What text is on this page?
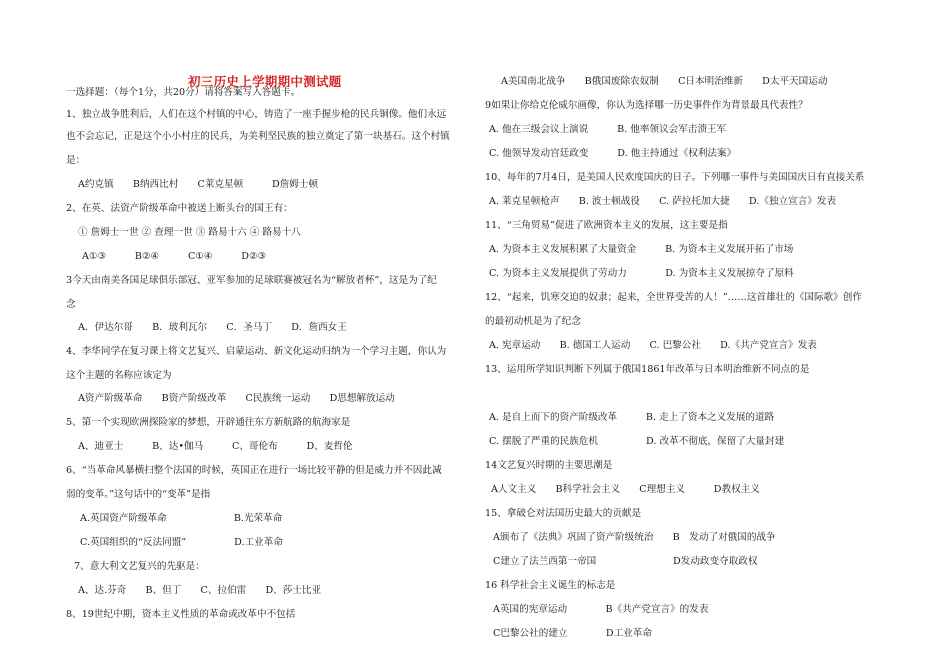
初三历史上学期期中测试题
一选择题：（每个1分，共20分）请将答案写入答题卡。
1、独立战争胜利后，人们在这个村镇的中心，铸造了一座手握步枪的民兵铜像。他们永远
也不会忘记，正是这个小小村庄的民兵，为美利坚民族的独立奠定了第一块基石。这个村镇
是：
A约克镇　　B纳西比村　　C莱克星顿　　　D詹姆士顿
2、在英、法资产阶级革命中被送上断头台的国王有：
① 詹姆士一世 ② 查理一世 ③ 路易十六 ④ 路易十八
A①③　　　B②④　　　C①④　　　D②③
3今天由南美各国足球俱乐部冠、亚军参加的足球联赛被冠名为“解放者杯”，这是为了纪
念
A．伊达尔哥　　B．玻利瓦尔　　C．圣马丁　　D．詹西女王
4、李华同学在复习课上将文艺复兴、启蒙运动、新文化运动归纳为一个学习主题，你认为
这个主题的名称应该定为
A资产阶级革命　　B资产阶级改革　　C民族统一运动　　D思想解放运动
5、第一个实现欧洲探险家的梦想，开辟通往东方新航路的航海家是
A、迪亚士　　　B、达•伽马　　　C、哥伦布　　　D、麦哲伦
6、“当革命风暴横扫整个法国的时候，英国正在进行一场比较平静的但是威力并不因此减
弱的变革。”这句话中的“变革”是指
A.英国资产阶级革命　　　　　　　B.光荣革命
C.英国组织的“反法同盟”　　　　　D.工业革命
7、意大利文艺复兴的先驱是：
A、达.芬奇　　B、但丁　　C、拉伯雷　　D、莎士比亚
8、19世纪中期，资本主义性质的革命或改革中不包括
A美国南北战争　　B俄国废除农奴制　　C日本明治维新　　D太平天国运动
9如果让你给克伦威尔画像，你认为选择哪一历史事件作为背景最具代表性？
A. 他在三级会议上演说　　　B. 他率领议会军击溃王军
C. 他领导发动宫廷政变　　　D. 他主持通过《权利法案》
10、每年的7月4日，是美国人民欢度国庆的日子。下列哪一事件与美国国庆日有直接关系
A. 莱克星顿枪声　　B. 波士顿战役　　C. 萨拉托加大捷　　D.《独立宣言》发表
11、“三角贸易”促进了欧洲资本主义的发展，这主要是指
A. 为资本主义发展积累了大量资金　　　B. 为资本主义发展开拓了市场
C. 为资本主义发展提供了劳动力　　　　D. 为资本主义发展掠夺了原料
12、“起来，饥寒交迫的奴隶；起来，全世界受苦的人！”……这首雄壮的《国际歌》创作
的最初动机是为了纪念
A. 宪章运动　　B. 德国工人运动　　C. 巴黎公社　　D.《共产党宣言》发表
13、运用所学知识判断下列属于俄国1861年改革与日本明治维新不同点的是
A. 是自上而下的资产阶级改革　　　B. 走上了资本之义发展的道路
C. 摆脱了严重的民族危机　　　　　D. 改革不彻底，保留了大量封建
14文艺复兴时期的主要思潮是
A人文主义　　B科学社会主义　　C理想主义　　　D教权主义
15、拿破仑对法国历史最大的贡献是
A颁布了《法典》巩固了资产阶级统治　　B　发动了对俄国的战争
C建立了法兰西第一帝国　　　　　　　　D发动政变夺取政权
16 科学社会主义诞生的标志是
A英国的宪章运动　　　　B《共产党宣言》的发表
C巴黎公社的建立　　　　D工业革命
